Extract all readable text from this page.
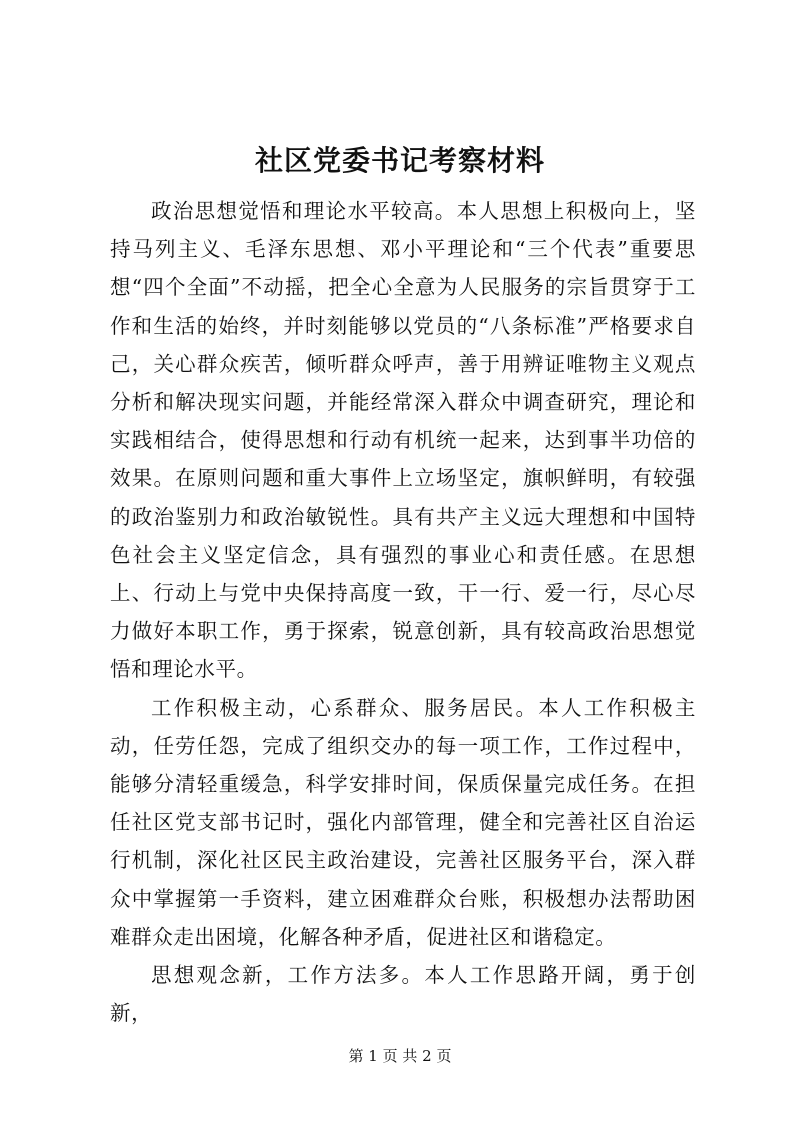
社区党委书记考察材料

政治思想觉悟和理论水平较高。本人思想上积极向上，坚持马列主义、毛泽东思想、邓小平理论和“三个代表”重要思想“四个全面”不动摇，把全心全意为人民服务的宗旨贯穿于工作和生活的始终，并时刻能够以党员的“八条标准”严格要求自己，关心群众疾苦，倾听群众呼声，善于用辨证唯物主义观点分析和解决现实问题，并能经常深入群众中调查研究，理论和实践相结合，使得思想和行动有机统一起来，达到事半功倍的效果。在原则问题和重大事件上立场坚定，旗帜鲜明，有较强的政治鉴别力和政治敏锐性。具有共产主义远大理想和中国特色社会主义坚定信念，具有强烈的事业心和责任感。在思想上、行动上与党中央保持高度一致，干一行、爱一行，尽心尽力做好本职工作，勇于探索，锐意创新，具有较高政治思想觉悟和理论水平。

工作积极主动，心系群众、服务居民。本人工作积极主动，任劳任怨，完成了组织交办的每一项工作，工作过程中，能够分清轻重缓急，科学安排时间，保质保量完成任务。在担任社区党支部书记时，强化内部管理，健全和完善社区自治运行机制，深化社区民主政治建设，完善社区服务平台，深入群众中掌握第一手资料，建立困难群众台账，积极想办法帮助困难群众走出困境，化解各种矛盾，促进社区和谐稳定。

思想观念新，工作方法多。本人工作思路开阔，勇于创新，

第 1 页 共 2 页
